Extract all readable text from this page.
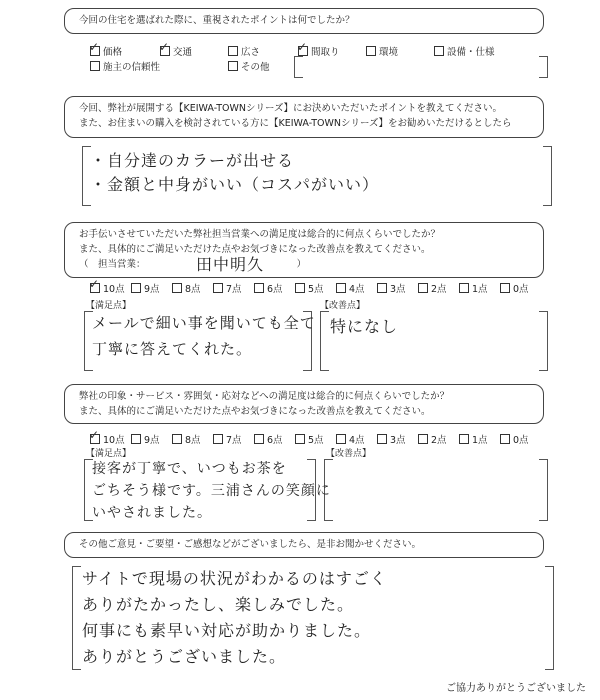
今回の住宅を選ばれた際に、重視されたポイントは何でしたか？
✓価格 ✓	交通	広さ ✓	間取り	環境	設備・仕様
施主の信頼性	その他
今回、弊社が展開する【KEIWA-TOWNシリーズ】にお決めいただいたポイントを教えてください。
また、お住まいの購入を検討されている方に【KEIWA-TOWNシリーズ】をお勧めいただけるとしたら
・自分達のカラーが出せる
・金額と中身がいい（コスパがいい）
お手伝いさせていただいた弊社担当営業への満足度は総合的に何点くらいでしたか？
また、具体的にご満足いただけた点やお気づきになった改善点を教えてください。
（　担当営業：	）
田中明久
✓10点	9点	8点	7点	6点	5点	4点	3点	2点	1点	0点
【満足点】	【改善点】
メールで細い事を聞いても全て
丁寧に答えてくれた。
特になし
弊社の印象・サービス・雰囲気・応対などへの満足度は総合的に何点くらいでしたか？
また、具体的にご満足いただけた点やお気づきになった改善点を教えてください。
✓10点	9点	8点	7点	6点	5点	4点	3点	2点	1点	0点
【満足点】	【改善点】
接客が丁寧で、いつもお茶を
ごちそう様です。三浦さんの笑顔に
いやされました。
その他ご意見・ご要望・ご感想などがございましたら、是非お聞かせください。
サイトで現場の状況がわかるのはすごく
ありがたかったし、楽しみでした。
何事にも素早い対応が助かりました。
ありがとうございました。
ご協力ありがとうございました
